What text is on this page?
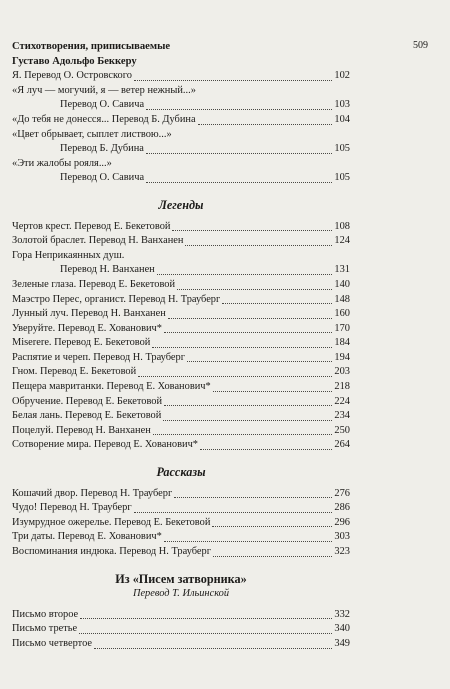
509
Стихотворения, приписываемые
Густаво Адольфо Беккеру
Я. Перевод О. Островского	102
«Я луч — могучий, я — ветер нежный...»
Перевод О. Савича	103
«До тебя не донесся... Перевод Б. Дубина	104
«Цвет обрывает, сыплет листвою...»
Перевод Б. Дубина	105
«Эти жалобы рояля...»
Перевод О. Савича	105
Легенды
Чертов крест. Перевод Е. Бекетовой	108
Золотой браслет. Перевод Н. Ванханен	124
Гора Неприкаянных душ.
Перевод Н. Ванханен	131
Зеленые глаза. Перевод Е. Бекетовой	140
Маэстро Перес, органист. Перевод Н. Трауберг	148
Лунный луч. Перевод Н. Ванханен	160
Уверуйте. Перевод Е. Хованович*	170
Miserere. Перевод Е. Бекетовой	184
Распятие и череп. Перевод Н. Трауберг	194
Гном. Перевод Е. Бекетовой	203
Пещера мавританки. Перевод Е. Хованович*	218
Обручение. Перевод Е. Бекетовой	224
Белая лань. Перевод Е. Бекетовой	234
Поцелуй. Перевод Н. Ванханен	250
Сотворение мира. Перевод Е. Хованович*	264
Рассказы
Кошачий двор. Перевод Н. Трауберг	276
Чудо! Перевод Н. Трауберг	286
Изумрудное ожерелье. Перевод Е. Бекетовой	296
Три даты. Перевод Е. Хованович*	303
Воспоминания индюка. Перевод Н. Трауберг	323
Из «Писем затворника»
Перевод Т. Ильинской
Письмо второе	332
Письмо третье	340
Письмо четвертое	349
